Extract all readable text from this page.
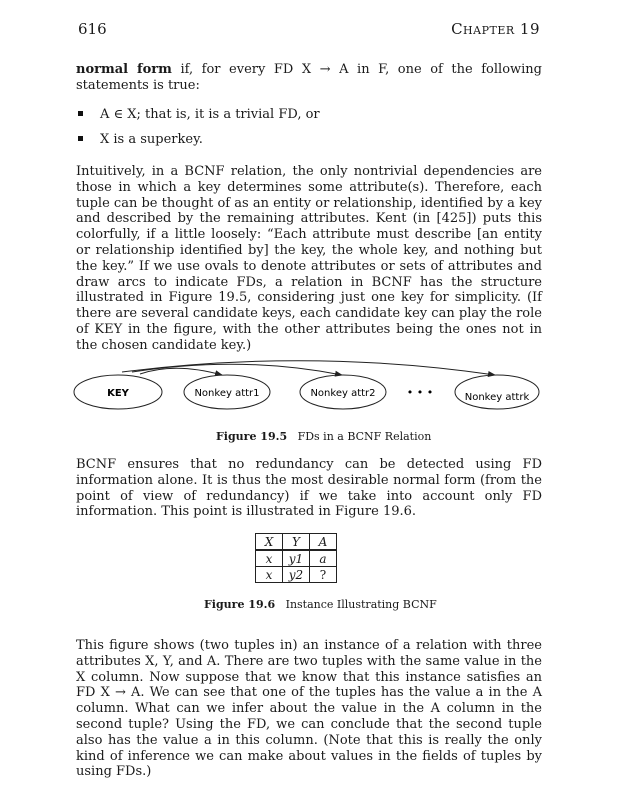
616	Chapter 19

normal form if, for every FD X → A in F, one of the following statements is true:

A ∈ X; that is, it is a trivial FD, or
X is a superkey.

Intuitively, in a BCNF relation, the only nontrivial dependencies are those in which a key determines some attribute(s). Therefore, each tuple can be thought of as an entity or relationship, identified by a key and described by the remaining attributes. Kent (in [425]) puts this colorfully, if a little loosely: “Each attribute must describe [an entity or relationship identified by] the key, the whole key, and nothing but the key.” If we use ovals to denote attributes or sets of attributes and draw arcs to indicate FDs, a relation in BCNF has the structure illustrated in Figure 19.5, considering just one key for simplicity. (If there are several candidate keys, each candidate key can play the role of KEY in the figure, with the other attributes being the ones not in the chosen candidate key.)

KEY	Nonkey attr1	Nonkey attr2	Nonkey attrk
• • •
Figure 19.5 FDs in a BCNF Relation

BCNF ensures that no redundancy can be detected using FD information alone. It is thus the most desirable normal form (from the point of view of redundancy) if we take into account only FD information. This point is illustrated in Figure 19.6.

X	Y	A
x	y1	a
x	y2	?
Figure 19.6 Instance Illustrating BCNF

This figure shows (two tuples in) an instance of a relation with three attributes X, Y, and A. There are two tuples with the same value in the X column. Now suppose that we know that this instance satisfies an FD X → A. We can see that one of the tuples has the value a in the A column. What can we infer about the value in the A column in the second tuple? Using the FD, we can conclude that the second tuple also has the value a in this column. (Note that this is really the only kind of inference we can make about values in the fields of tuples by using FDs.)
